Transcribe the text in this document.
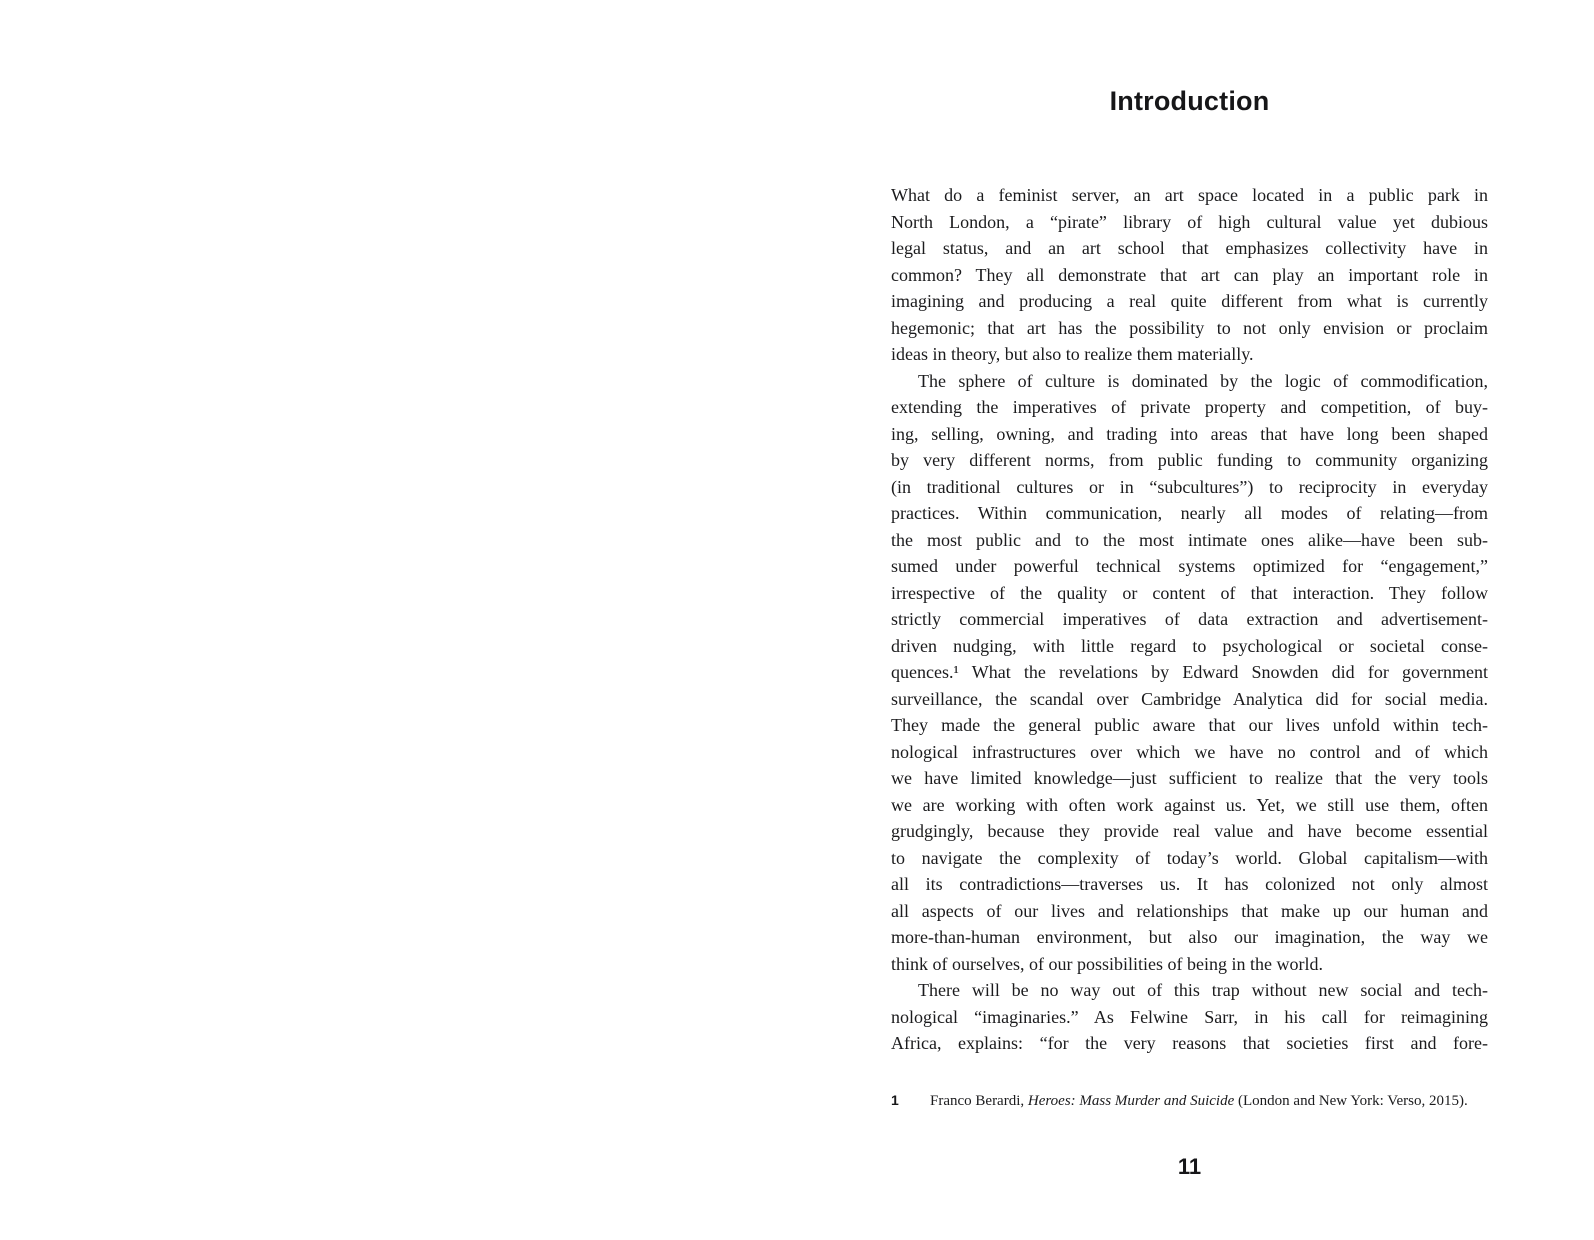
Introduction
What do a feminist server, an art space located in a public park in
North London, a “pirate” library of high cultural value yet dubious
legal status, and an art school that emphasizes collectivity have in
common? They all demonstrate that art can play an important role in
imagining and producing a real quite different from what is currently
hegemonic; that art has the possibility to not only envision or proclaim
ideas in theory, but also to realize them materially.
The sphere of culture is dominated by the logic of commodification,
extending the imperatives of private property and competition, of buy-
ing, selling, owning, and trading into areas that have long been shaped
by very different norms, from public funding to community organizing
(in traditional cultures or in “subcultures”) to reciprocity in everyday
practices. Within communication, nearly all modes of relating—from
the most public and to the most intimate ones alike—have been sub-
sumed under powerful technical systems optimized for “engagement,”
irrespective of the quality or content of that interaction. They follow
strictly commercial imperatives of data extraction and advertisement-
driven nudging, with little regard to psychological or societal conse-
quences.¹ What the revelations by Edward Snowden did for government
surveillance, the scandal over Cambridge Analytica did for social media.
They made the general public aware that our lives unfold within tech-
nological infrastructures over which we have no control and of which
we have limited knowledge—just sufficient to realize that the very tools
we are working with often work against us. Yet, we still use them, often
grudgingly, because they provide real value and have become essential
to navigate the complexity of today’s world. Global capitalism—with
all its contradictions—traverses us. It has colonized not only almost
all aspects of our lives and relationships that make up our human and
more-than-human environment, but also our imagination, the way we
think of ourselves, of our possibilities of being in the world.
There will be no way out of this trap without new social and tech-
nological “imaginaries.” As Felwine Sarr, in his call for reimagining
Africa, explains: “for the very reasons that societies first and fore-
1	Franco Berardi, Heroes: Mass Murder and Suicide (London and New York: Verso, 2015).
11
